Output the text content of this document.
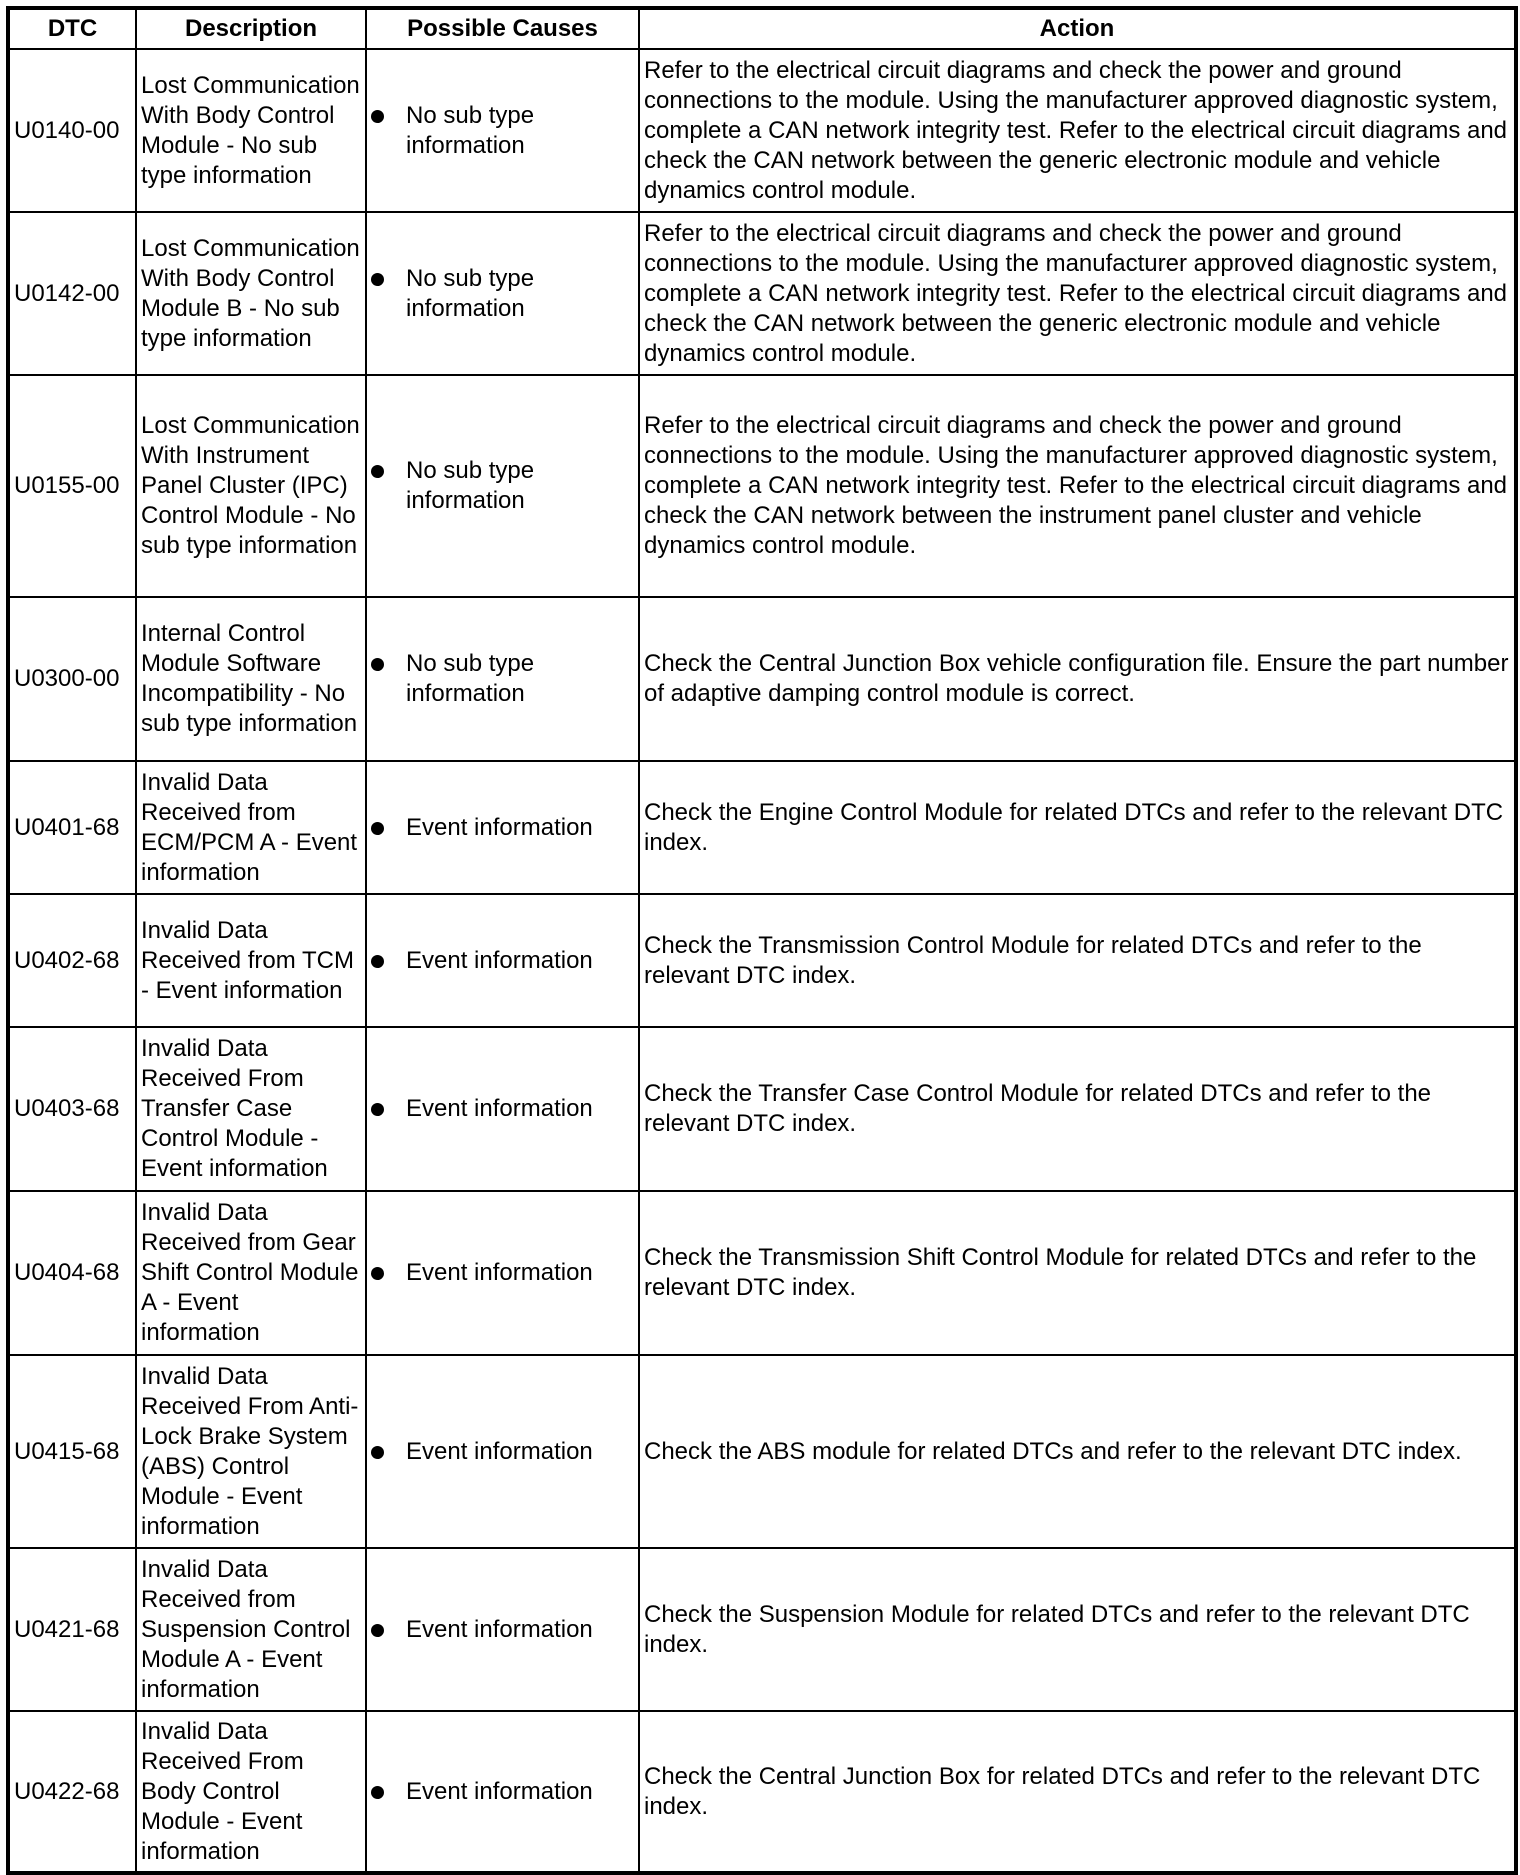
DTC	Description	Possible Causes	Action
U0140-00	Lost Communication With Body Control Module - No sub type information	No sub type information	Refer to the electrical circuit diagrams and check the power and ground connections to the module. Using the manufacturer approved diagnostic system, complete a CAN network integrity test. Refer to the electrical circuit diagrams and check the CAN network between the generic electronic module and vehicle dynamics control module.
U0142-00	Lost Communication With Body Control Module B - No sub type information	No sub type information	Refer to the electrical circuit diagrams and check the power and ground connections to the module. Using the manufacturer approved diagnostic system, complete a CAN network integrity test. Refer to the electrical circuit diagrams and check the CAN network between the generic electronic module and vehicle dynamics control module.
U0155-00	Lost Communication With Instrument Panel Cluster (IPC) Control Module - No sub type information	No sub type information	Refer to the electrical circuit diagrams and check the power and ground connections to the module. Using the manufacturer approved diagnostic system, complete a CAN network integrity test. Refer to the electrical circuit diagrams and check the CAN network between the instrument panel cluster and vehicle dynamics control module.
U0300-00	Internal Control Module Software Incompatibility - No sub type information	No sub type information	Check the Central Junction Box vehicle configuration file. Ensure the part number of adaptive damping control module is correct.
U0401-68	Invalid Data Received from ECM/PCM A - Event information	Event information	Check the Engine Control Module for related DTCs and refer to the relevant DTC index.
U0402-68	Invalid Data Received from TCM - Event information	Event information	Check the Transmission Control Module for related DTCs and refer to the relevant DTC index.
U0403-68	Invalid Data Received From Transfer Case Control Module - Event information	Event information	Check the Transfer Case Control Module for related DTCs and refer to the relevant DTC index.
U0404-68	Invalid Data Received from Gear Shift Control Module A - Event information	Event information	Check the Transmission Shift Control Module for related DTCs and refer to the relevant DTC index.
U0415-68	Invalid Data Received From Anti-Lock Brake System (ABS) Control Module - Event information	Event information	Check the ABS module for related DTCs and refer to the relevant DTC index.
U0421-68	Invalid Data Received from Suspension Control Module A - Event information	Event information	Check the Suspension Module for related DTCs and refer to the relevant DTC index.
U0422-68	Invalid Data Received From Body Control Module - Event information	Event information	Check the Central Junction Box for related DTCs and refer to the relevant DTC index.
